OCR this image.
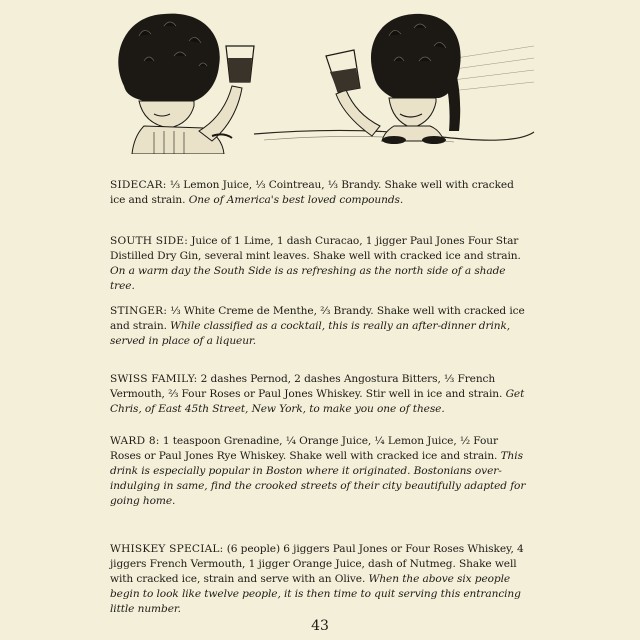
SIDECAR: ⅓ Lemon Juice, ⅓ Cointreau, ⅓ Brandy. Shake well with cracked ice and strain. One of America's best loved compounds.

SOUTH SIDE: Juice of 1 Lime, 1 dash Curacao, 1 jigger Paul Jones Four Star Distilled Dry Gin, several mint leaves. Shake well with cracked ice and strain. On a warm day the South Side is as refreshing as the north side of a shade tree.

STINGER: ⅓ White Creme de Menthe, ⅔ Brandy. Shake well with cracked ice and strain. While classified as a cocktail, this is really an after-dinner drink, served in place of a liqueur.

SWISS FAMILY: 2 dashes Pernod, 2 dashes Angostura Bitters, ⅓ French Vermouth, ⅔ Four Roses or Paul Jones Whiskey. Stir well in ice and strain. Get Chris, of East 45th Street, New York, to make you one of these.

WARD 8: 1 teaspoon Grenadine, ¼ Orange Juice, ¼ Lemon Juice, ½ Four Roses or Paul Jones Rye Whiskey. Shake well with cracked ice and strain. This drink is especially popular in Boston where it originated. Bostonians over-indulging in same, find the crooked streets of their city beautifully adapted for going home.

WHISKEY SPECIAL: (6 people) 6 jiggers Paul Jones or Four Roses Whiskey, 4 jiggers French Vermouth, 1 jigger Orange Juice, dash of Nutmeg. Shake well with cracked ice, strain and serve with an Olive. When the above six people begin to look like twelve people, it is then time to quit serving this entrancing little number.

43
